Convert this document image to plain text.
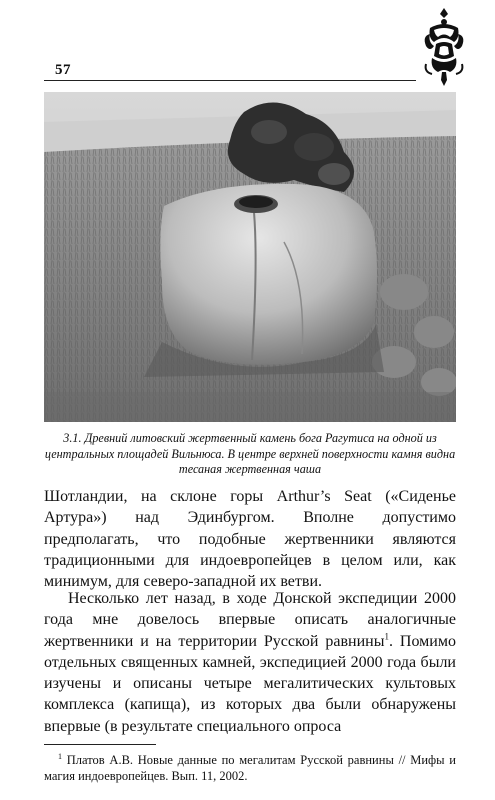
57
3.1. Древний литовский жертвенный камень бога Рагутиса на одной из центральных площадей Вильнюса. В центре верхней поверхности камня видна тесаная жертвенная чаша
Шотландии, на склоне горы Arthur’s Seat («Сиденье Артура») над Эдинбургом. Вполне допустимо предполагать, что подобные жертвенники являются традиционными для индоевропейцев в целом или, как минимум, для северо-западной их ветви.
Несколько лет назад, в ходе Донской экспедиции 2000 года мне довелось впервые описать аналогичные жертвенники и на территории Русской равнины$^1$. Помимо отдельных священных камней, экспедицией 2000 года были изучены и описаны четыре мегалитических культовых комплекса (капища), из которых два были обнаружены впервые (в результате специального опроса
$^1$ Платов А.В. Новые данные по мегалитам Русской равнины // Мифы и магия индоевропейцев. Вып. 11, 2002.
